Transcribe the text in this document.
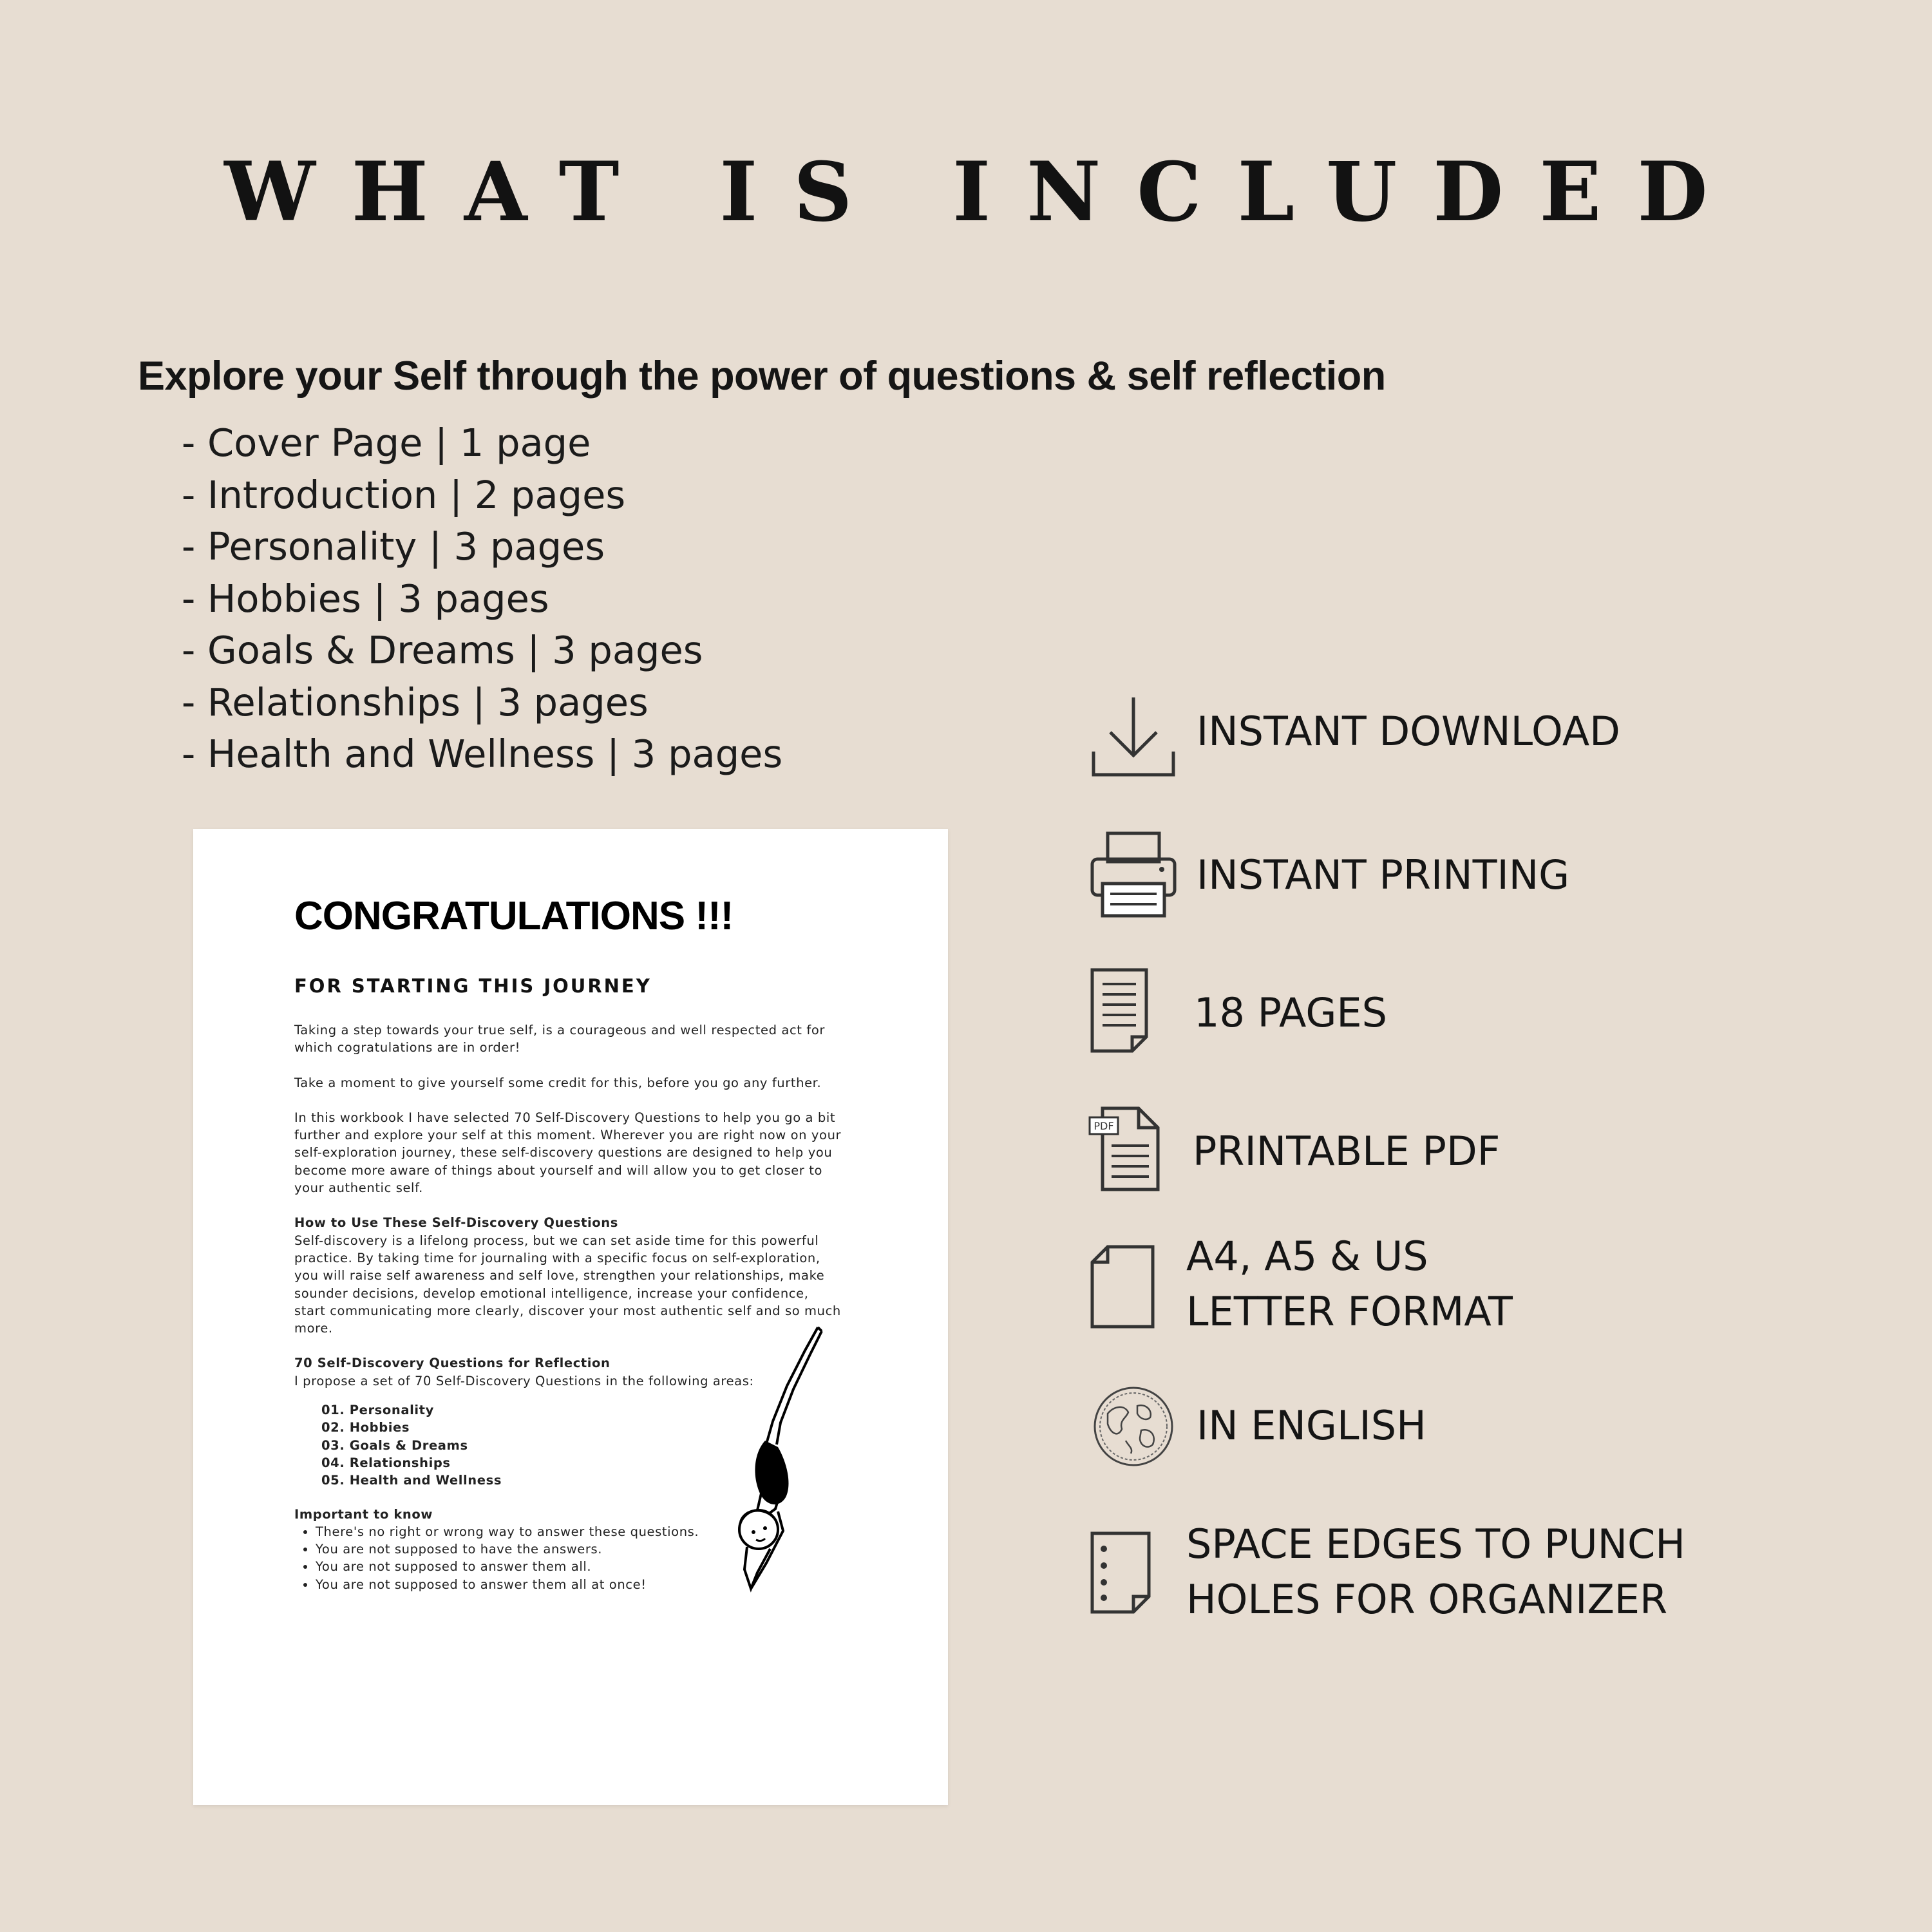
WHAT IS INCLUDED
Explore your Self through the power of questions & self reflection
- Cover Page | 1 page
- Introduction | 2 pages
- Personality | 3 pages
- Hobbies | 3 pages
- Goals & Dreams | 3 pages
- Relationships | 3 pages
- Health and Wellness | 3 pages
CONGRATULATIONS !!!
FOR STARTING THIS JOURNEY

Taking a step towards your true self, is a courageous and well respected act for which cogratulations are in order!

Take a moment to give yourself some credit for this, before you go any further.

In this workbook I have selected 70 Self-Discovery Questions to help you go a bit further and explore your self at this moment. Wherever you are right now on your self-exploration journey, these self-discovery questions are designed to help you become more aware of things about yourself and will allow you to get closer to your authentic self.

How to Use These Self-Discovery Questions

Self-discovery is a lifelong process, but we can set aside time for this powerful practice. By taking time for journaling with a specific focus on self-exploration, you will raise self awareness and self love, strengthen your relationships, make sounder decisions, develop emotional intelligence, increase your confidence, start communicating more clearly, discover your most authentic self and so much more.

70 Self-Discovery Questions for Reflection
I propose a set of 70 Self-Discovery Questions in the following areas:
01. Personality
02. Hobbies
03. Goals & Dreams
04. Relationships
05. Health and Wellness
Important to know
• There's no right or wrong way to answer these questions.
• You are not supposed to have the answers.
• You are not supposed to answer them all.
• You are not supposed to answer them all at once!
INSTANT DOWNLOAD
INSTANT PRINTING
18 PAGES
PDF
PRINTABLE PDF
A4, A5 & US
LETTER FORMAT
IN ENGLISH
SPACE EDGES TO PUNCH
HOLES FOR ORGANIZER
